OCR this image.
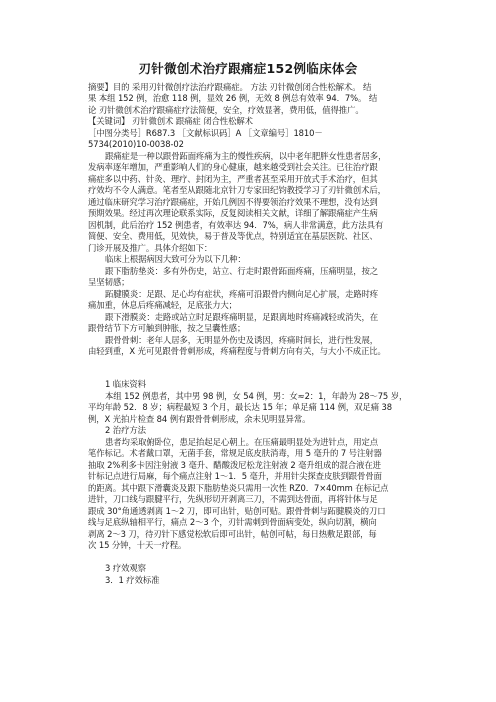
刃针微创术治疗跟痛症152例临床体会
摘要】目的 采用刃针微创疗法治疗跟痛症。 方法 刃针微创闭合性松解术。 结
果 本组 152 例，治愈 118 例，显效 26 例，无效 8 例总有效率 94．7%。 结
论 刃针微创术治疗跟痛症疗法简便，安全，疗效显著，费用低，值得推广。
【关键词】 刃针微创术 跟痛症 闭合性松解术
［中图分类号］R687.3 ［文献标识码］A ［文章编号］1810－
5734(2010)10-0038-02
跟痛症是一种以跟骨跖面疼痛为主的慢性疾病，以中老年肥胖女性患者居多，
发病率逐年增加，严重影响人们的身心健康，越来越受到社会关注。已往治疗跟
痛症多以中药、针灸、理疗、封闭为主，严重者甚至采用开放式手术治疗，但其
疗效均不令人满意。笔者至从跟随北京针刀专家田纪钧教授学习了刃针微创术后，
通过临床研究学习治疗跟痛症，开始几例因不得要领治疗效果不理想，没有达到
预期效果。经过再次理论联系实际，反复阅读相关文献，详细了解跟痛症产生病
因机制，此后治疗 152 例患者，有效率达 94．7%，病人非常满意，此方法具有
简便、安全、费用低，见效快，易于普及等优点，特别适宜在基层医院、社区、
门诊开展及推广。具体介绍如下：
临床上根据病因大致可分为以下几种：
跟下脂肪垫炎：多有外伤史，站立、行走时跟骨跖面疼痛，压痛明显，按之
呈坚韧感；
跖腱膜炎：足跟、足心均有症状，疼痛可沿跟骨内侧向足心扩展，走路时疼
痛加重，休息后疼痛减轻，足底张力大；
跟下滑膜炎：走路或站立时足跟疼痛明显，足跟离地时疼痛减轻或消失，在
跟骨结节下方可触到肿胀，按之呈囊性感；
跟骨骨刺：老年人居多，无明显外伤史及诱因，疼痛时间长，进行性发展，
由轻到重，X 光可见跟骨骨刺形成，疼痛程度与骨刺方向有关，与大小不成正比。
1 临床资料
本组 152 例患者，其中男 98 例，女 54 例，男：女≈2：1，年龄为 28～75 岁，
平均年龄 52．8 岁；病程最短 3 个月，最长达 15 年；单足痛 114 例，双足痛 38
例，X 光拍片检查 84 例有跟骨骨刺形成，余未见明显异常。
2 治疗方法
患者均采取俯卧位，患足抬起足心朝上。在压痛最明显处为进针点，用定点
笔作标记。术者戴口罩，无菌手套，常规足底皮肤消毒，用 5 毫升的 7 号注射器
抽取 2%利多卡因注射液 3 毫升、醋酸泼尼松龙注射液 2 毫升组成的混合液在进
针标记点进行局麻，每个痛点注射 1～1．5 毫升，并用针尖探查皮肤到跟骨骨面
的距离。其中跟下滑囊炎及跟下脂肪垫炎只需用一次性 RZ0．7×40mm 在标记点
进针，刀口线与跟腱平行，先纵形切开剥离三刀，不需到达骨面，再将针体与足
跟成 30°角通透剥离 1～2 刀，即可出针，贴创可贴。跟骨骨刺与跖腱膜炎的刀口
线与足底纵轴相平行，痛点 2～3 个，刃针需刺到骨面病变处，纵向切割，横向
剥离 2～3 刀，待刃针下感觉松软后即可出针，帖创可帖，每日热敷足跟部，每
次 15 分钟，十天一疗程。
3 疗效观察
3．1 疗效标准
